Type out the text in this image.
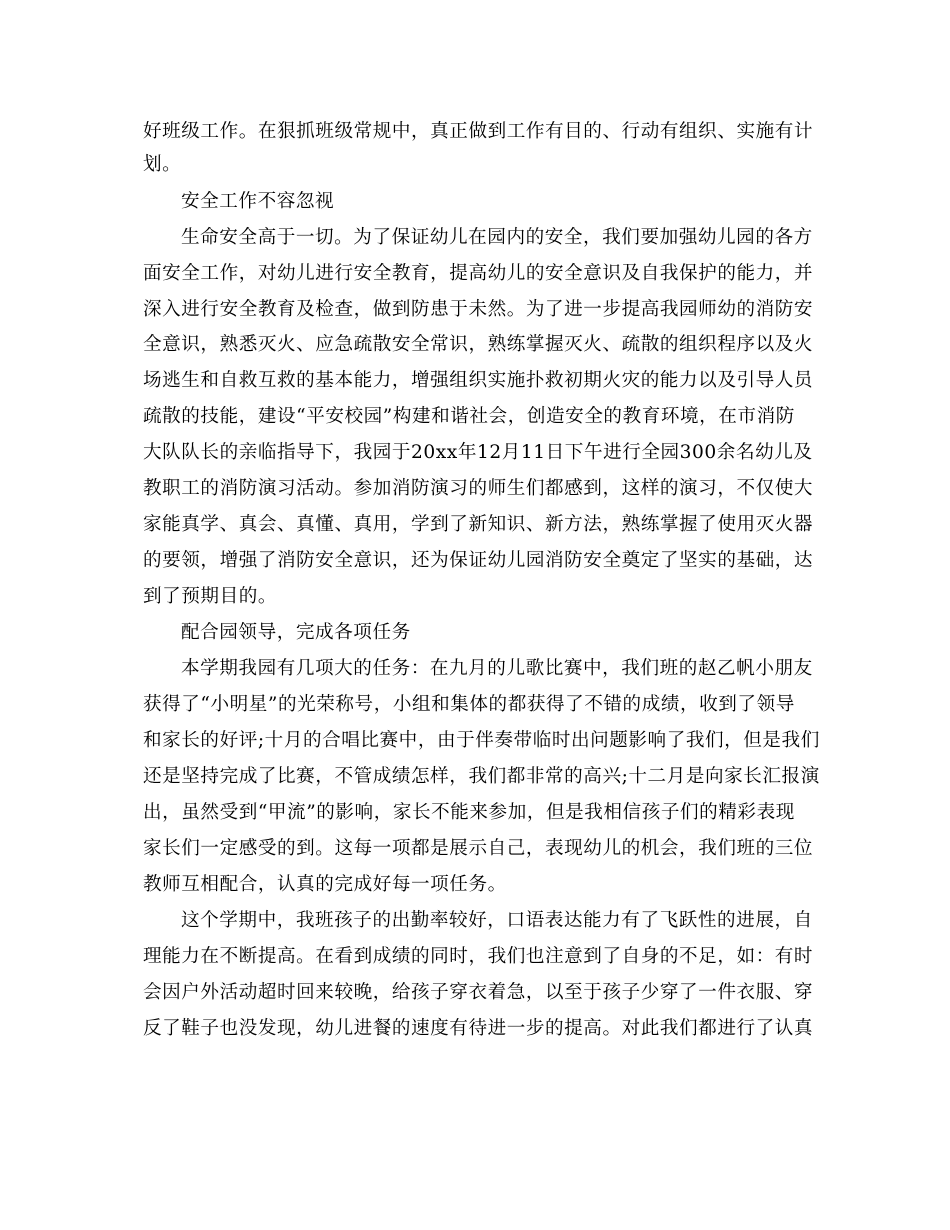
好班级工作。在狠抓班级常规中，真正做到工作有目的、行动有组织、实施有计
划。
安全工作不容忽视
生命安全高于一切。为了保证幼儿在园内的安全，我们要加强幼儿园的各方
面安全工作，对幼儿进行安全教育，提高幼儿的安全意识及自我保护的能力，并
深入进行安全教育及检查，做到防患于未然。为了进一步提高我园师幼的消防安
全意识，熟悉灭火、应急疏散安全常识，熟练掌握灭火、疏散的组织程序以及火
场逃生和自救互救的基本能力，增强组织实施扑救初期火灾的能力以及引导人员
疏散的技能，建设“平安校园”构建和谐社会，创造安全的教育环境，在市消防
大队队长的亲临指导下，我园于20xx年12月11日下午进行全园300余名幼儿及
教职工的消防演习活动。参加消防演习的师生们都感到，这样的演习，不仅使大
家能真学、真会、真懂、真用，学到了新知识、新方法，熟练掌握了使用灭火器
的要领，增强了消防安全意识，还为保证幼儿园消防安全奠定了坚实的基础，达
到了预期目的。
配合园领导，完成各项任务
本学期我园有几项大的任务：在九月的儿歌比赛中，我们班的赵乙帆小朋友
获得了“小明星”的光荣称号，小组和集体的都获得了不错的成绩，收到了领导
和家长的好评;十月的合唱比赛中，由于伴奏带临时出问题影响了我们，但是我们
还是坚持完成了比赛，不管成绩怎样，我们都非常的高兴;十二月是向家长汇报演
出，虽然受到“甲流”的影响，家长不能来参加，但是我相信孩子们的精彩表现
家长们一定感受的到。这每一项都是展示自己，表现幼儿的机会，我们班的三位
教师互相配合，认真的完成好每一项任务。
这个学期中，我班孩子的出勤率较好，口语表达能力有了飞跃性的进展，自
理能力在不断提高。在看到成绩的同时，我们也注意到了自身的不足，如：有时
会因户外活动超时回来较晚，给孩子穿衣着急，以至于孩子少穿了一件衣服、穿
反了鞋子也没发现，幼儿进餐的速度有待进一步的提高。对此我们都进行了认真
